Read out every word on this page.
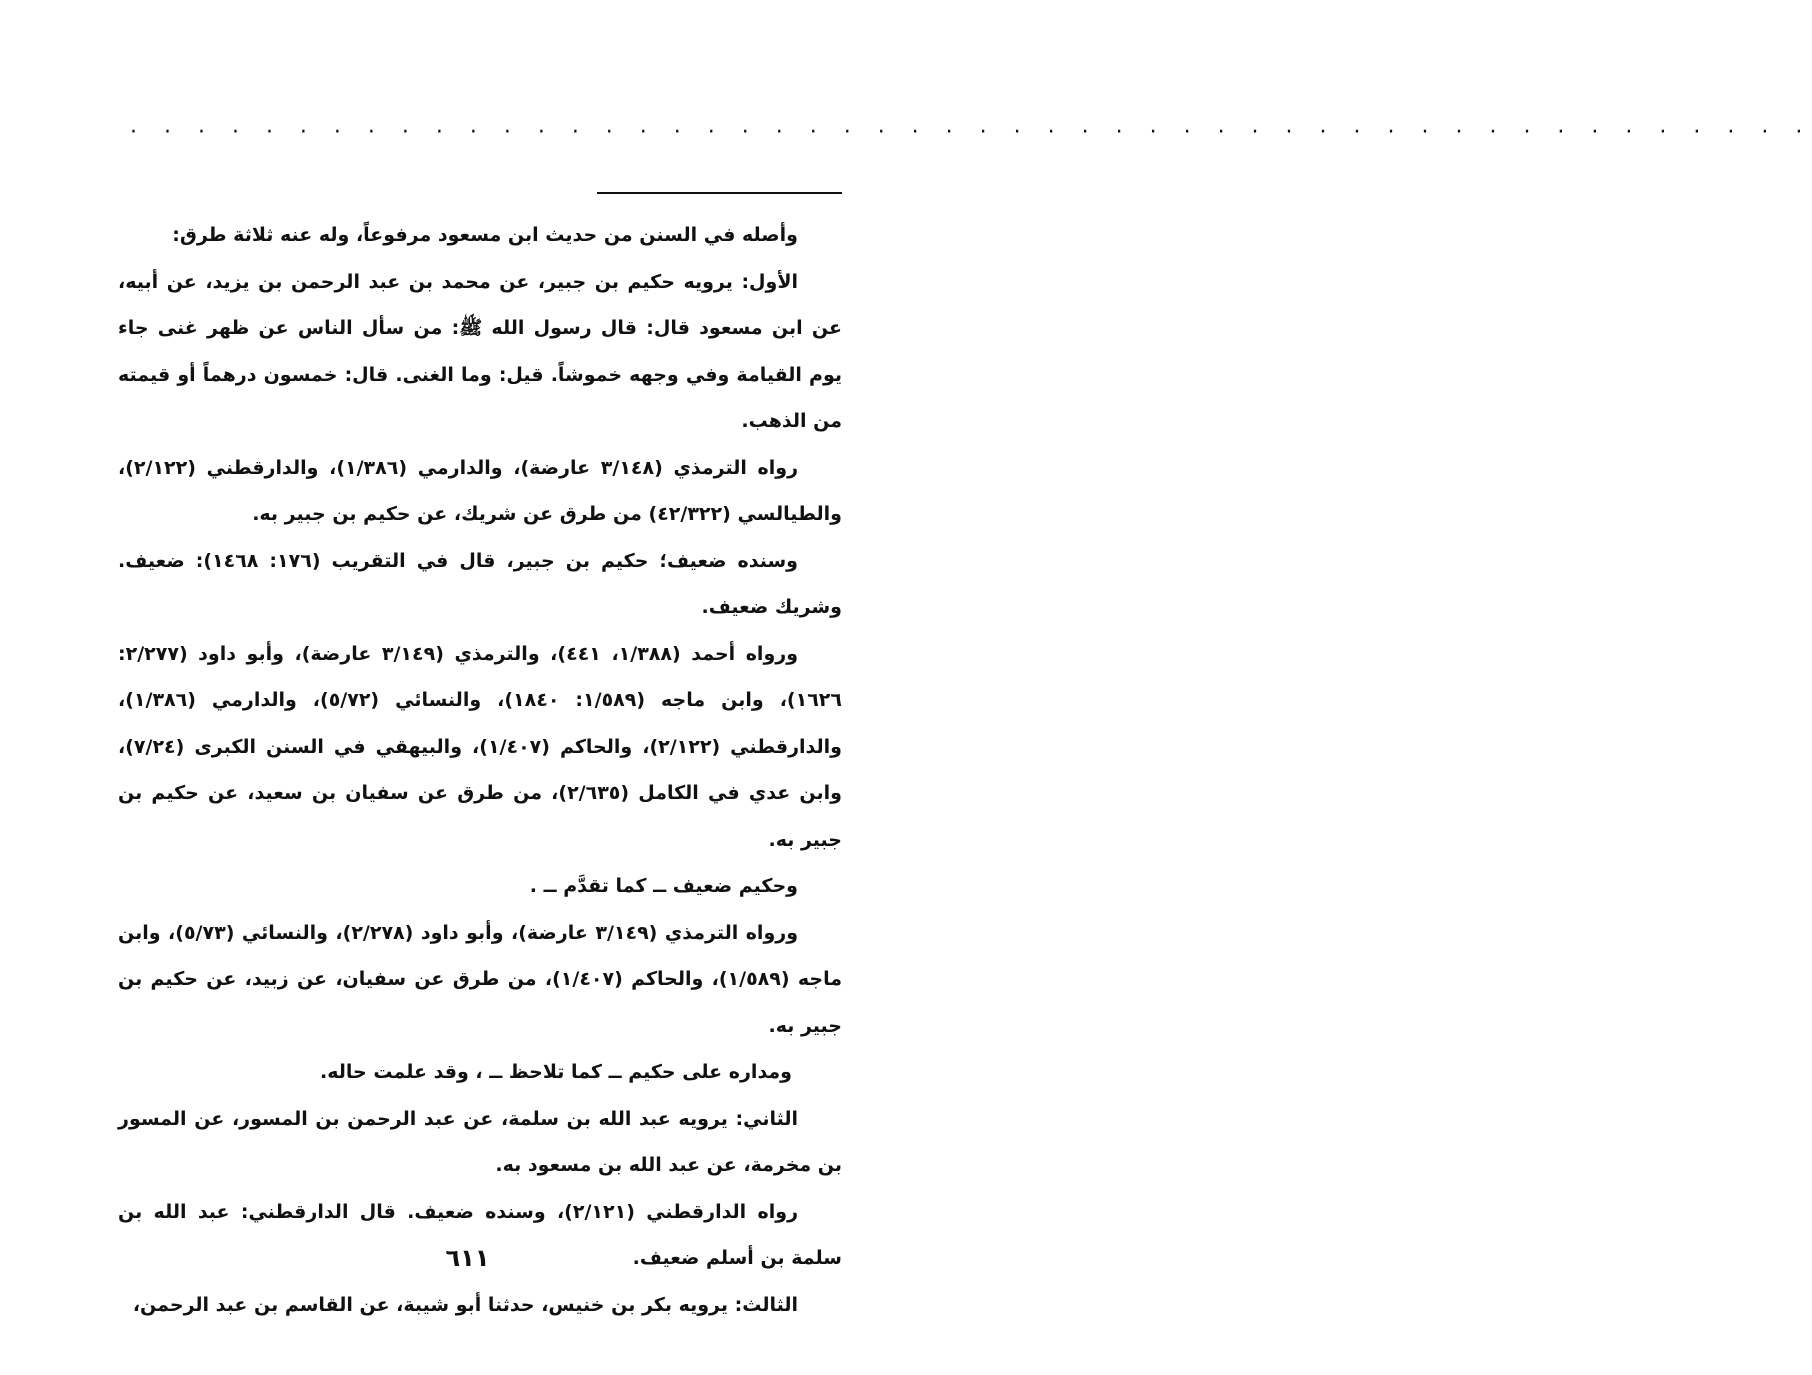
· · · · · · · · · · · · · · · · · · · · · · · · · · · · · · · · · · · · · · · · · · · · · · · · · ·

وأصله في السنن من حديث ابن مسعود مرفوعاً، وله عنه ثلاثة طرق:

الأول: يرويه حكيم بن جبير، عن محمد بن عبد الرحمن بن يزيد، عن أبيه، عن ابن مسعود قال: قال رسول الله ﷺ: من سأل الناس عن ظهر غنى جاء يوم القيامة وفي وجهه خموشاً. قيل: وما الغنى. قال: خمسون درهماً أو قيمته من الذهب.

رواه الترمذي (٣/١٤٨ عارضة)، والدارمي (١/٣٨٦)، والدارقطني (٢/١٢٢)، والطيالسي (٤٢/٣٢٢) من طرق عن شريك، عن حكيم بن جبير به.

وسنده ضعيف؛ حكيم بن جبير، قال في التقريب (١٧٦: ١٤٦٨): ضعيف. وشريك ضعيف.

ورواه أحمد (١/٣٨٨، ٤٤١)، والترمذي (٣/١٤٩ عارضة)، وأبو داود (٢/٢٧٧: ١٦٢٦)، وابن ماجه (١/٥٨٩: ١٨٤٠)، والنسائي (٥/٧٢)، والدارمي (١/٣٨٦)، والدارقطني (٢/١٢٢)، والحاكم (١/٤٠٧)، والبيهقي في السنن الكبرى (٧/٢٤)، وابن عدي في الكامل (٢/٦٣٥)، من طرق عن سفيان بن سعيد، عن حكيم بن جبير به.

وحكيم ضعيف ــ كما تقدَّم ــ .

ورواه الترمذي (٣/١٤٩ عارضة)، وأبو داود (٢/٢٧٨)، والنسائي (٥/٧٣)، وابن ماجه (١/٥٨٩)، والحاكم (١/٤٠٧)، من طرق عن سفيان، عن زبيد، عن حكيم بن جبير به.

ومداره على حكيم ــ كما تلاحظ ــ ، وقد علمت حاله.

الثاني: يرويه عبد الله بن سلمة، عن عبد الرحمن بن المسور، عن المسور بن مخرمة، عن عبد الله بن مسعود به.

رواه الدارقطني (٢/١٢١)، وسنده ضعيف. قال الدارقطني: عبد الله بن سلمة بن أسلم ضعيف.

الثالث: يرويه بكر بن خنيس، حدثنا أبو شيبة، عن القاسم بن عبد الرحمن،

٦١١
